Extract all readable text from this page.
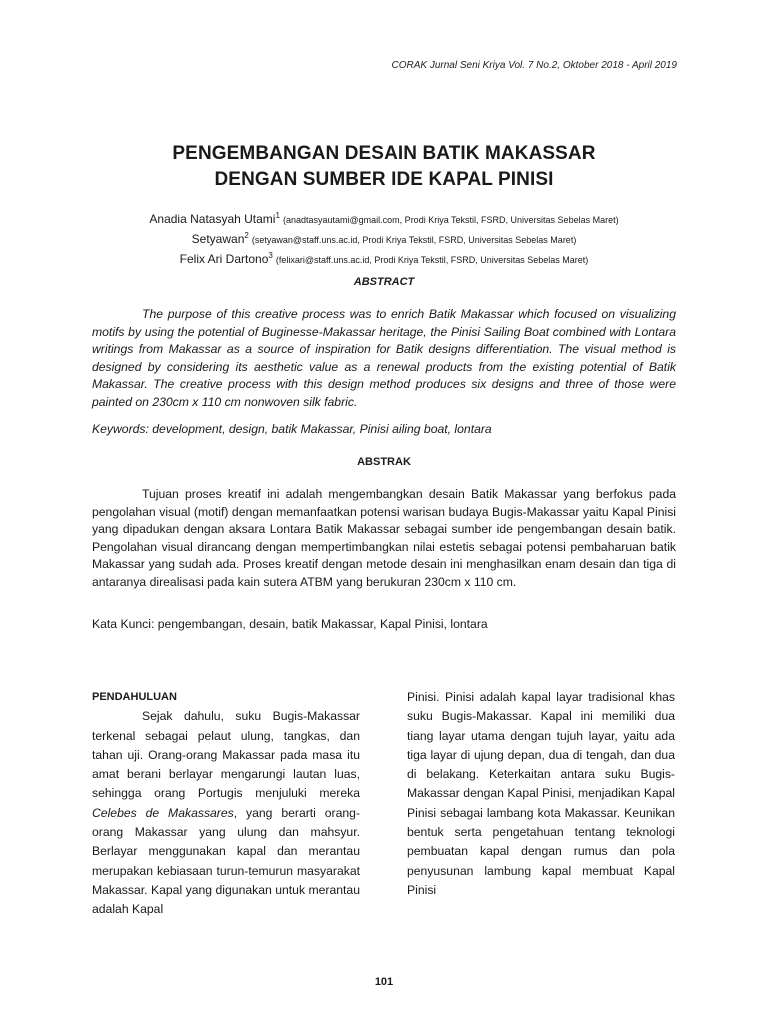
CORAK Jurnal Seni Kriya Vol. 7 No.2, Oktober 2018 - April 2019
PENGEMBANGAN DESAIN BATIK MAKASSAR
DENGAN SUMBER IDE KAPAL PINISI
Anadia Natasyah Utami$^1$ (anadtasyautami@gmail.com, Prodi Kriya Tekstil, FSRD, Universitas Sebelas Maret)
Setyawan$^2$ (setyawan@staff.uns.ac.id, Prodi Kriya Tekstil, FSRD, Universitas Sebelas Maret)
Felix Ari Dartono$^3$ (felixari@staff.uns.ac.id, Prodi Kriya Tekstil, FSRD, Universitas Sebelas Maret)
ABSTRACT

The purpose of this creative process was to enrich Batik Makassar which focused on visualizing motifs by using the potential of Buginesse-Makassar heritage, the Pinisi Sailing Boat combined with Lontara writings from Makassar as a source of inspiration for Batik designs differentiation. The visual method is designed by considering its aesthetic value as a renewal products from the existing potential of Batik Makassar. The creative process with this design method produces six designs and three of those were painted on 230cm x 110 cm nonwoven silk fabric.

Keywords: development, design, batik Makassar, Pinisi ailing boat, lontara
ABSTRAK

Tujuan proses kreatif ini adalah mengembangkan desain Batik Makassar yang berfokus pada pengolahan visual (motif) dengan memanfaatkan potensi warisan budaya Bugis-Makassar yaitu Kapal Pinisi yang dipadukan dengan aksara Lontara Batik Makassar sebagai sumber ide pengembangan desain batik. Pengolahan visual dirancang dengan mempertimbangkan nilai estetis sebagai potensi pembaharuan batik Makassar yang sudah ada. Proses kreatif dengan metode desain ini menghasilkan enam desain dan tiga di antaranya direalisasi pada kain sutera ATBM yang berukuran 230cm x 110 cm.

Kata Kunci: pengembangan, desain, batik Makassar, Kapal Pinisi, lontara
PENDAHULUAN

Sejak dahulu, suku Bugis-Makassar terkenal sebagai pelaut ulung, tangkas, dan tahan uji. Orang-orang Makassar pada masa itu amat berani berlayar mengarungi lautan luas, sehingga orang Portugis menjuluki mereka Celebes de Makassares, yang berarti orang-orang Makassar yang ulung dan mahsyur. Berlayar menggunakan kapal dan merantau merupakan kebiasaan turun-temurun masyarakat Makassar. Kapal yang digunakan untuk merantau adalah Kapal

Pinisi. Pinisi adalah kapal layar tradisional khas suku Bugis-Makassar. Kapal ini memiliki dua tiang layar utama dengan tujuh layar, yaitu ada tiga layar di ujung depan, dua di tengah, dan dua di belakang. Keterkaitan antara suku Bugis-Makassar dengan Kapal Pinisi, menjadikan Kapal Pinisi sebagai lambang kota Makassar. Keunikan bentuk serta pengetahuan tentang teknologi pembuatan kapal dengan rumus dan pola penyusunan lambung kapal membuat Kapal Pinisi

101
